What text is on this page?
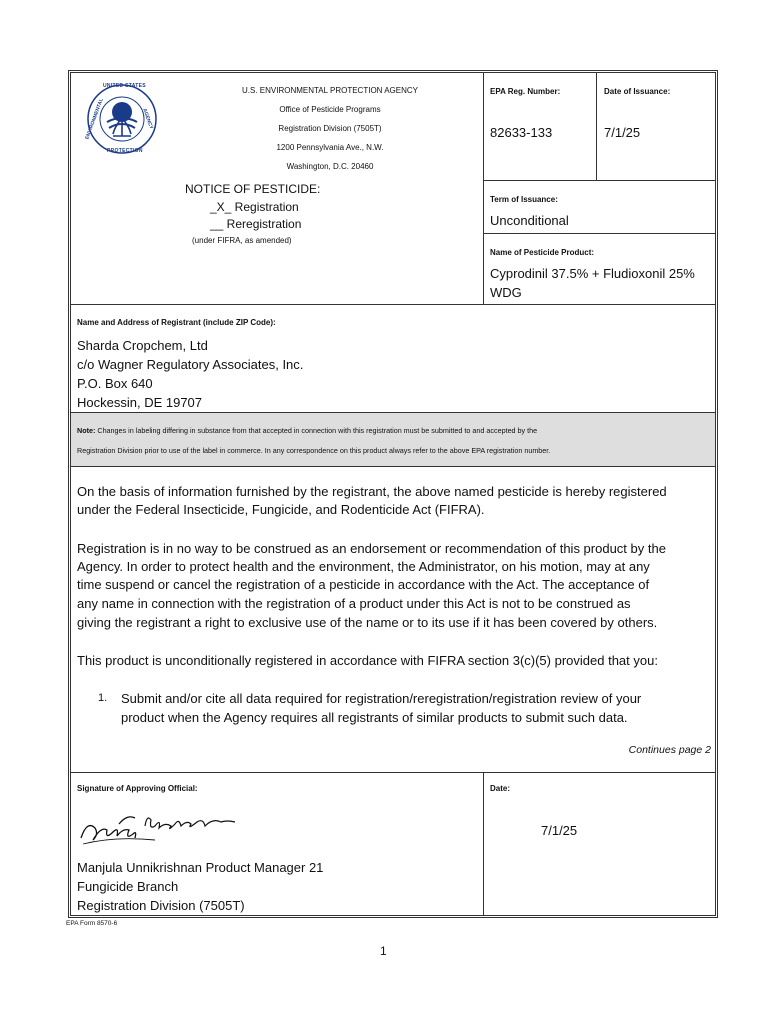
UNITED STATES
ENVIRONMENTAL	AGENCY
PROTECTION
U.S. ENVIRONMENTAL PROTECTION AGENCY
Office of Pesticide Programs
Registration Division (7505T)
1200 Pennsylvania Ave., N.W.
Washington, D.C. 20460
NOTICE OF PESTICIDE:
_X_ Registration
__ Reregistration
(under FIFRA, as amended)
EPA Reg. Number:
82633-133
Date of Issuance:
7/1/25
Term of Issuance:
Unconditional
Name of Pesticide Product:
Cyprodinil 37.5% + Fludioxonil 25%
WDG
Name and Address of Registrant (include ZIP Code):
Sharda Cropchem, Ltd
c/o Wagner Regulatory Associates, Inc.
P.O. Box 640
Hockessin, DE 19707
Note: Changes in labeling differing in substance from that accepted in connection with this registration must be submitted to and accepted by the
Registration Division prior to use of the label in commerce. In any correspondence on this product always refer to the above EPA registration number.
On the basis of information furnished by the registrant, the above named pesticide is hereby registered
under the Federal Insecticide, Fungicide, and Rodenticide Act (FIFRA).
Registration is in no way to be construed as an endorsement or recommendation of this product by the
Agency. In order to protect health and the environment, the Administrator, on his motion, may at any
time suspend or cancel the registration of a pesticide in accordance with the Act. The acceptance of
any name in connection with the registration of a product under this Act is not to be construed as
giving the registrant a right to exclusive use of the name or to its use if it has been covered by others.
This product is unconditionally registered in accordance with FIFRA section 3(c)(5) provided that you:
1. Submit and/or cite all data required for registration/reregistration/registration review of your
product when the Agency requires all registrants of similar products to submit such data.
Continues page 2
Signature of Approving Official:
Manjula Unnikrishnan Product Manager 21
Fungicide Branch
Registration Division (7505T)
Date:
7/1/25
EPA Form 8570-6
1
